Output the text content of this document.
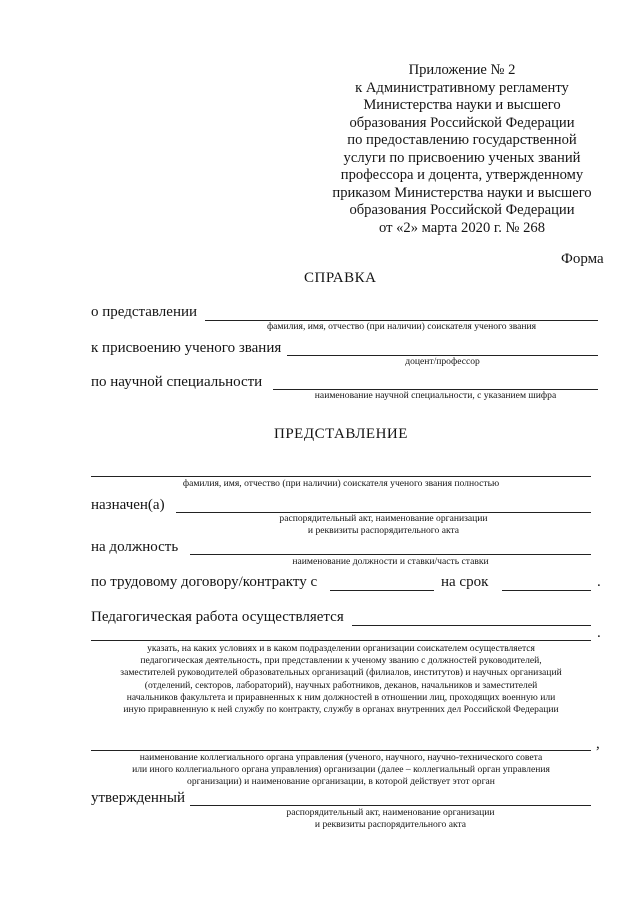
Приложение № 2
к Административному регламенту
Министерства науки и высшего
образования Российской Федерации
по предоставлению государственной
услуги по присвоению ученых званий
профессора и доцента, утвержденному
приказом Министерства науки и высшего
образования Российской Федерации
от «2» марта 2020 г. № 268
Форма
СПРАВКА
о представлении
фамилия, имя, отчество (при наличии) соискателя ученого звания
к присвоению ученого звания
доцент/профессор
по научной специальности
наименование научной специальности, с указанием шифра
ПРЕДСТАВЛЕНИЕ
фамилия, имя, отчество (при наличии) соискателя ученого звания полностью
назначен(а)
распорядительный акт, наименование организации
и реквизиты распорядительного акта
на должность
наименование должности и ставки/часть ставки
по трудовому договору/контракту с	на срок	.
Педагогическая работа осуществляется
.
указать, на каких условиях и в каком подразделении организации соискателем осуществляется
педагогическая деятельность, при представлении к ученому званию с должностей руководителей,
заместителей руководителей образовательных организаций (филиалов, институтов) и научных организаций
(отделений, секторов, лабораторий), научных работников, деканов, начальников и заместителей
начальников факультета и приравненных к ним должностей в отношении лиц, проходящих военную или
иную приравненную к ней службу по контракту, службу в органах внутренних дел Российской Федерации
,
наименование коллегиального органа управления (ученого, научного, научно-технического совета
или иного коллегиального органа управления) организации (далее – коллегиальный орган управления
организации) и наименование организации, в которой действует этот орган
утвержденный
распорядительный акт, наименование организации
и реквизиты распорядительного акта
